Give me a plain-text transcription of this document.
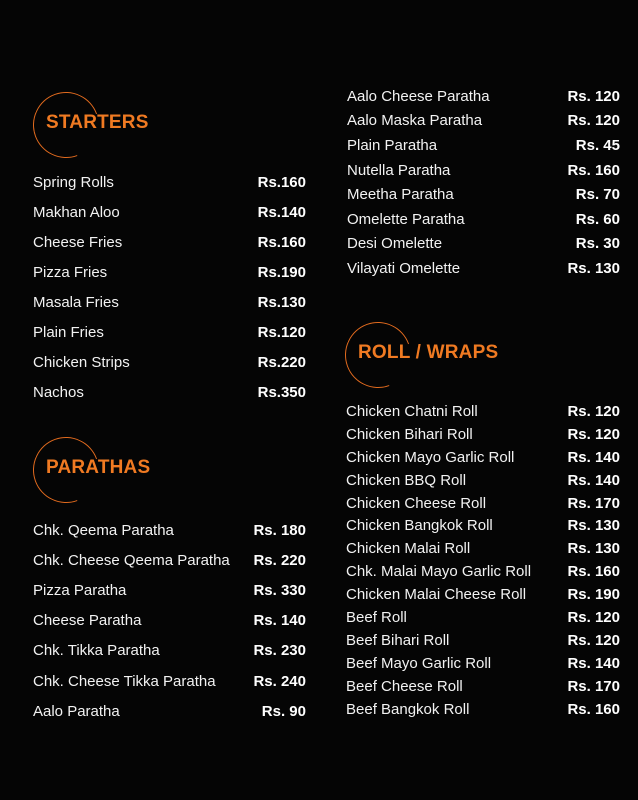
STARTERS
Spring Rolls	Rs.160
Makhan Aloo	Rs.140
Cheese Fries	Rs.160
Pizza Fries	Rs.190
Masala Fries	Rs.130
Plain Fries	Rs.120
Chicken Strips	Rs.220
Nachos	Rs.350
PARATHAS
Chk. Qeema Paratha	Rs. 180
Chk. Cheese Qeema Paratha Rs. 220
Pizza Paratha	Rs. 330
Cheese Paratha	Rs. 140
Chk. Tikka Paratha	Rs. 230
Chk. Cheese Tikka Paratha	Rs. 240
Aalo Paratha	Rs. 90
Aalo Cheese Paratha	Rs. 120
Aalo Maska Paratha	Rs. 120
Plain Paratha	Rs. 45
Nutella Paratha	Rs. 160
Meetha Paratha	Rs. 70
Omelette Paratha	Rs. 60
Desi Omelette	Rs. 30
Vilayati Omelette	Rs. 130
ROLL / WRAPS
Chicken Chatni Roll	Rs. 120
Chicken Bihari Roll	Rs. 120
Chicken Mayo Garlic Roll	Rs. 140
Chicken BBQ Roll	Rs. 140
Chicken Cheese Roll	Rs. 170
Chicken Bangkok Roll	Rs. 130
Chicken Malai Roll	Rs. 130
Chk. Malai Mayo Garlic Roll Rs. 160
Chicken Malai Cheese Roll	Rs. 190
Beef Roll	Rs. 120
Beef Bihari Roll	Rs. 120
Beef Mayo Garlic Roll	Rs. 140
Beef Cheese Roll	Rs. 170
Beef Bangkok Roll	Rs. 160
